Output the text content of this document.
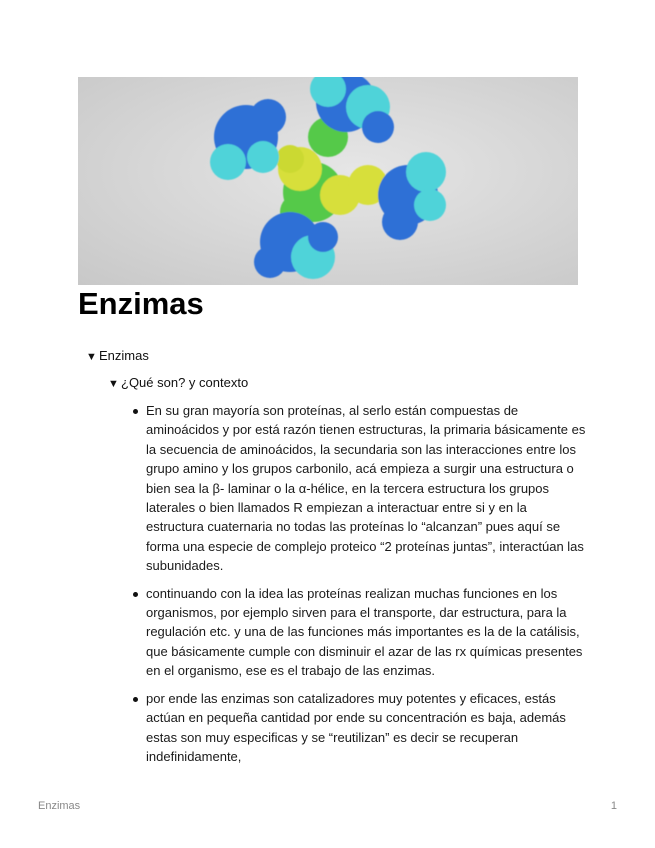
Enzimas
▼ Enzimas
▼ ¿Qué son? y contexto
En su gran mayoría son proteínas, al serlo están compuestas de aminoácidos y por está razón tienen estructuras, la primaria básicamente es la secuencia de aminoácidos, la secundaria son las interacciones entre los grupo amino y los grupos carbonilo, acá empieza a surgir una estructura o bien sea la β- laminar o la α-hélice, en la tercera estructura los grupos laterales o bien llamados R empiezan a interactuar entre si y en la estructura cuaternaria no todas las proteínas lo “alcanzan” pues aquí se forma una especie de complejo proteico “2 proteínas juntas”, interactúan las subunidades.
continuando con la idea las proteínas realizan muchas funciones en los organismos, por ejemplo sirven para el transporte, dar estructura, para la regulación etc. y una de las funciones más importantes es la de la catálisis, que básicamente cumple con disminuir el azar de las rx químicas presentes en el organismo, ese es el trabajo de las enzimas.
por ende las enzimas son catalizadores muy potentes y eficaces, estás actúan en pequeña cantidad por ende su concentración es baja, además estas son muy especificas y se “reutilizan” es decir se recuperan indefinidamente,
Enzimas	1
